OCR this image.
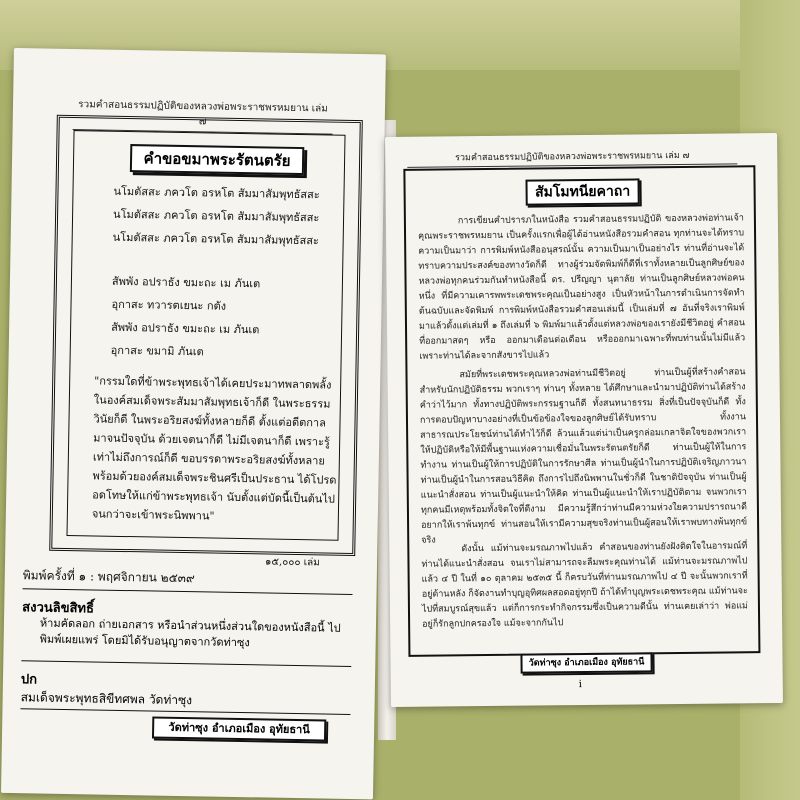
รวมคำสอนธรรมปฏิบัติของหลวงพ่อพระราชพรหมยาน เล่ม ๗
คำขอขมาพระรัตนตรัย
นโมตัสสะ ภควโต อรหโต สัมมาสัมพุทธัสสะ
นโมตัสสะ ภควโต อรหโต สัมมาสัมพุทธัสสะ
นโมตัสสะ ภควโต อรหโต สัมมาสัมพุทธัสสะ
สัพพัง อปราธัง ขมะถะ เม ภันเต
อุกาสะ ทวารตเยนะ กตัง
สัพพัง อปราธัง ขมะถะ เม ภันเต
อุกาสะ ขมามิ ภันเต
"กรรมใดที่ข้าพระพุทธเจ้าได้เคยประมาทพลาดพลั้ง ในองค์สมเด็จพระสัมมาสัมพุทธเจ้าก็ดี ในพระธรรมวินัยก็ดี ในพระอริยสงฆ์ทั้งหลายก็ดี ตั้งแต่อดีตกาลมาจนปัจจุบัน ด้วยเจตนาก็ดี ไม่มีเจตนาก็ดี เพราะรู้เท่าไม่ถึงการณ์ก็ดี ขอบรรดาพระอริยสงฆ์ทั้งหลาย พร้อมด้วยองค์สมเด็จพระชินศรีเป็นประธาน ได้โปรดอดโทษให้แก่ข้าพระพุทธเจ้า นับตั้งแต่บัดนี้เป็นต้นไป จนกว่าจะเข้าพระนิพพาน"
๑๕,๐๐๐ เล่ม
พิมพ์ครั้งที่ ๑ : พฤศจิกายน ๒๕๓๙
สงวนลิขสิทธิ์
ห้ามคัดลอก ถ่ายเอกสาร หรือนำส่วนหนึ่งส่วนใดของหนังสือนี้ ไปพิมพ์เผยแพร่ โดยมิได้รับอนุญาตจากวัดท่าซุง
ปก
สมเด็จพระพุทธสิขีทศพล วัดท่าซุง
วัดท่าซุง อำเภอเมือง อุทัยธานี
รวมคำสอนธรรมปฏิบัติของหลวงพ่อพระราชพรหมยาน เล่ม ๗
สัมโมทนียคาถา
การเขียนคำปรารภในหนังสือ รวมคำสอนธรรมปฏิบัติ ของหลวงพ่อท่านเจ้าคุณพระราชพรหมยาน เป็นครั้งแรกเพื่อผู้ได้อ่านหนังสือรวมคำสอน ทุกท่านจะได้ทราบความเป็นมาว่า การพิมพ์หนังสืออนุสรณ์นั้น ความเป็นมาเป็นอย่างไร ท่านที่อ่านจะได้ทราบความประสงค์ของทางวัดก็ดี ทางผู้ร่วมจัดพิมพ์ก็ดีที่เราทั้งหลายเป็นลูกศิษย์ของหลวงพ่อทุกคนร่วมกันทำหนังสือนี้ ดร. ปรีญญา นุตาลัย ท่านเป็นลูกศิษย์หลวงพ่อคนหนึ่ง ที่มีความเคารพพระเดชพระคุณเป็นอย่างสูง เป็นหัวหน้าในการดำเนินการจัดทำต้นฉบับและจัดพิมพ์ การพิมพ์หนังสือรวมคำสอนเล่มนี้ เป็นเล่มที่ ๗ อันที่จริงเราพิมพ์มาแล้วตั้งแต่เล่มที่ ๑ ถึงเล่มที่ ๖ พิมพ์มาแล้วตั้งแต่หลวงพ่อของเรายังมีชีวิตอยู่ คำสอนที่ออกมาสดๆ หรือ ออกมาเดือนต่อเดือน หรือออกมาเฉพาะที่พบท่านนั้นไม่มีแล้ว เพราะท่านได้ละจากสังขารไปแล้ว
สมัยที่พระเดชพระคุณหลวงพ่อท่านมีชีวิตอยู่ ท่านเป็นผู้ที่สร้างคำสอนสำหรับนักปฏิบัติธรรม พวกเราๆ ท่านๆ ทั้งหลาย ได้ศึกษาและนำมาปฏิบัติท่านได้สร้างคำว่าไว้มาก ทั้งทางปฏิบัติพระกรรมฐานก็ดี ทั้งสนทนาธรรม สิ่งที่เป็นปัจจุบันก็ดี ทั้งการตอบปัญหาบางอย่างที่เป็นข้อข้องใจของลูกศิษย์ได้รับทราบ ทั้งงานสาธารณประโยชน์ท่านได้ทำไว้ก็ดี ล้วนแล้วแต่น่าเป็นครูกล่อมเกลาจิตใจของพวกเราให้ปฏิบัติหรือให้มีพื้นฐานแห่งความเชื่อมั่นในพระรัตนตรัยก็ดี ท่านเป็นผู้ให้ในการทำงาน ท่านเป็นผู้ให้การปฏิบัติในการรักษาศีล ท่านเป็นผู้นำในการปฏิบัติเจริญภาวนา ท่านเป็นผู้นำในการสอนวิธีคิด ถึงการไปถึงนิพพานในชั่วก็ดี ในชาติปัจจุบัน ท่านเป็นผู้แนะนำสั่งสอน ท่านเป็นผู้แนะนำให้คิด ท่านเป็นผู้แนะนำให้เราปฏิบัติตาม จนพวกเราทุกคนมีเหตุพร้อมทั้งจิตใจที่ดีงาม มีความรู้สึกว่าท่านมีความห่วงใยความปรารถนาดีอยากให้เราพ้นทุกข์ ท่านสอนให้เรามีความสุขจริงท่านเป็นผู้สอนให้เราพบทางพ้นทุกข์จริง
ดังนั้น แม้ท่านจะมรณภาพไปแล้ว คำสอนของท่านยังฝังติดใจในอารมณ์ที่ท่านได้แนะนำสั่งสอน จนเราไม่สามารถจะลืมพระคุณท่านได้ แม้ท่านจะมรณภาพไปแล้ว ๔ ปี ในที่ ๑๐ ตุลาคม ๒๕๓๕ นี้ ก็ครบวันที่ท่านมรณภาพไป ๔ ปี จะนั้นพวกเราที่อยู่ด้านหลัง ก็จัดงานทำบุญอุทิศผลสอดอยู่ทุกปี ถ้าได้ทำบุญพระเดชพระคุณ แม้ท่านจะไปที่สมบูรณ์สุขแล้ว แต่ก็การกระทำกิจกรรมซึ่งเป็นความดีนั้น ท่านเคยเล่าว่า พ่อแม่อยู่ก็รักลูกปกครองใจ แม้จะจากกันไป
วัดท่าซุง อำเภอเมือง อุทัยธานี
i
